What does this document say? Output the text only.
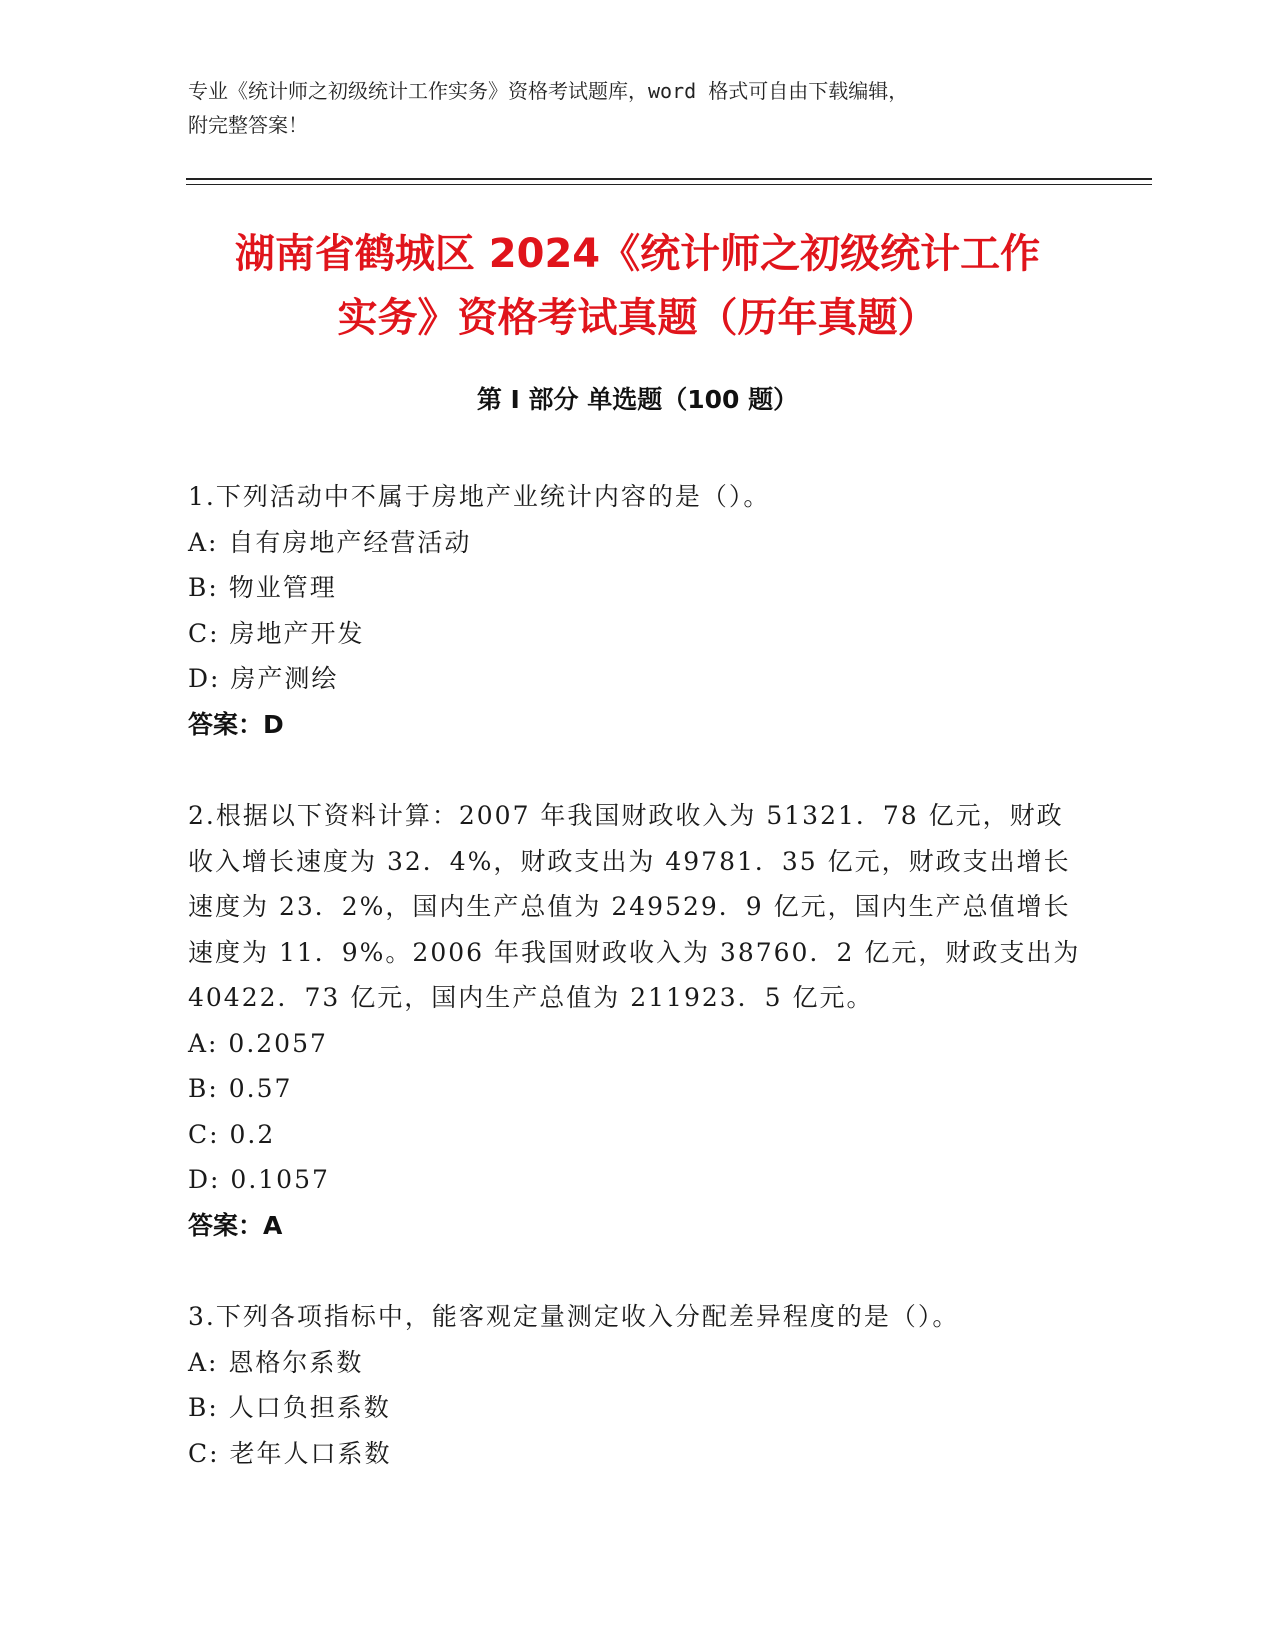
专业《统计师之初级统计工作实务》资格考试题库，word 格式可自由下载编辑，
附完整答案！
湖南省鹤城区 2024《统计师之初级统计工作
实务》资格考试真题（历年真题）
第 I 部分 单选题（100 题）

1.下列活动中不属于房地产业统计内容的是（）。

A: 自有房地产经营活动

B: 物业管理

C: 房地产开发

D: 房产测绘

答案：D

2.根据以下资料计算：2007 年我国财政收入为 51321．78 亿元，财政

收入增长速度为 32．4%，财政支出为 49781．35 亿元，财政支出增长

速度为 23．2%，国内生产总值为 249529．9 亿元，国内生产总值增长

速度为 11．9%。2006 年我国财政收入为 38760．2 亿元，财政支出为

40422．73 亿元，国内生产总值为 211923．5 亿元。

A: 0.2057

B: 0.57

C: 0.2

D: 0.1057

答案：A

3.下列各项指标中，能客观定量测定收入分配差异程度的是（）。

A: 恩格尔系数

B: 人口负担系数

C: 老年人口系数
